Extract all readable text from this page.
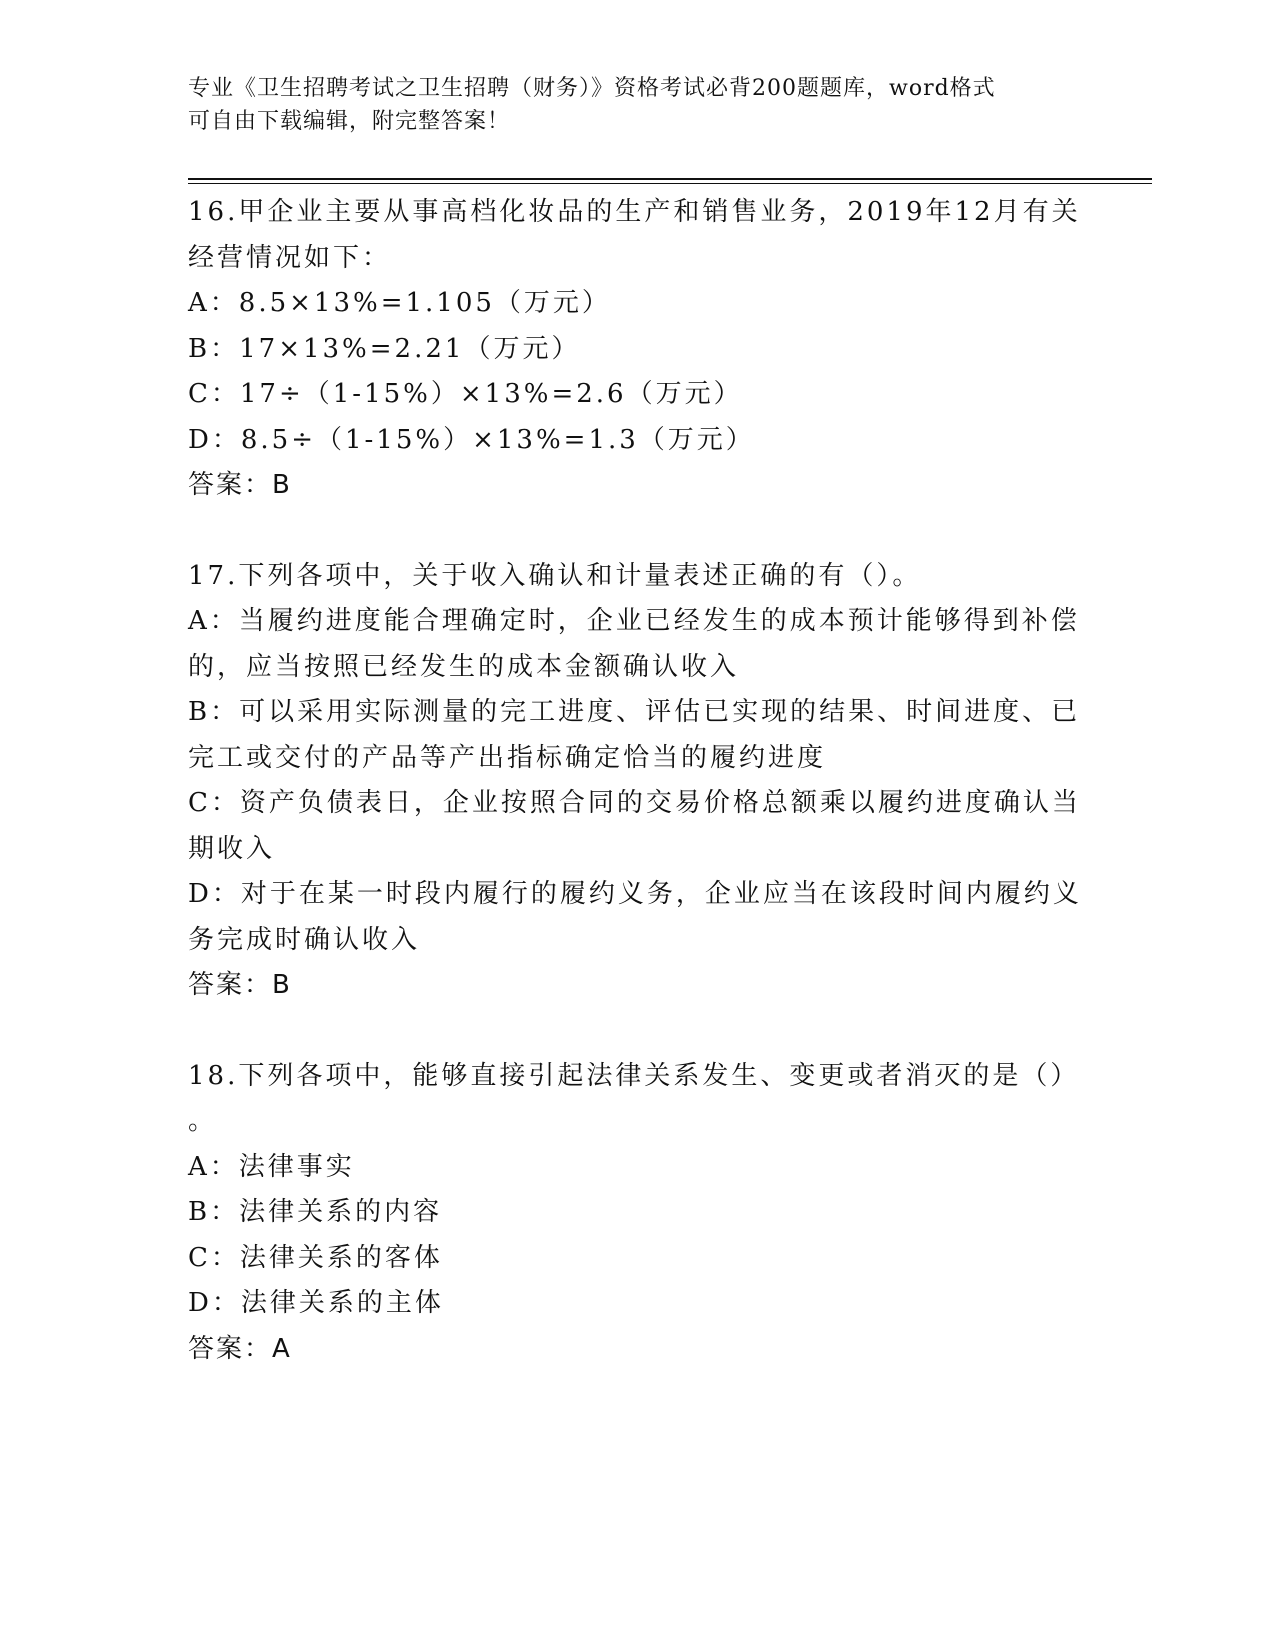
专业《卫生招聘考试之卫生招聘（财务）》资格考试必背200题题库，word格式
可自由下载编辑，附完整答案！
16.甲企业主要从事高档化妆品的生产和销售业务，2019年12月有关
经营情况如下：
A：8.5×13%=1.105（万元）
B：17×13%=2.21（万元）
C：17÷（1-15%）×13%=2.6（万元）
D：8.5÷（1-15%）×13%=1.3（万元）
答案：B
17.下列各项中，关于收入确认和计量表述正确的有（）。
A：当履约进度能合理确定时，企业已经发生的成本预计能够得到补偿
的，应当按照已经发生的成本金额确认收入
B：可以采用实际测量的完工进度、评估已实现的结果、时间进度、已
完工或交付的产品等产出指标确定恰当的履约进度
C：资产负债表日，企业按照合同的交易价格总额乘以履约进度确认当
期收入
D：对于在某一时段内履行的履约义务，企业应当在该段时间内履约义
务完成时确认收入
答案：B
18.下列各项中，能够直接引起法律关系发生、变更或者消灭的是（）
。
A：法律事实
B：法律关系的内容
C：法律关系的客体
D：法律关系的主体
答案：A
